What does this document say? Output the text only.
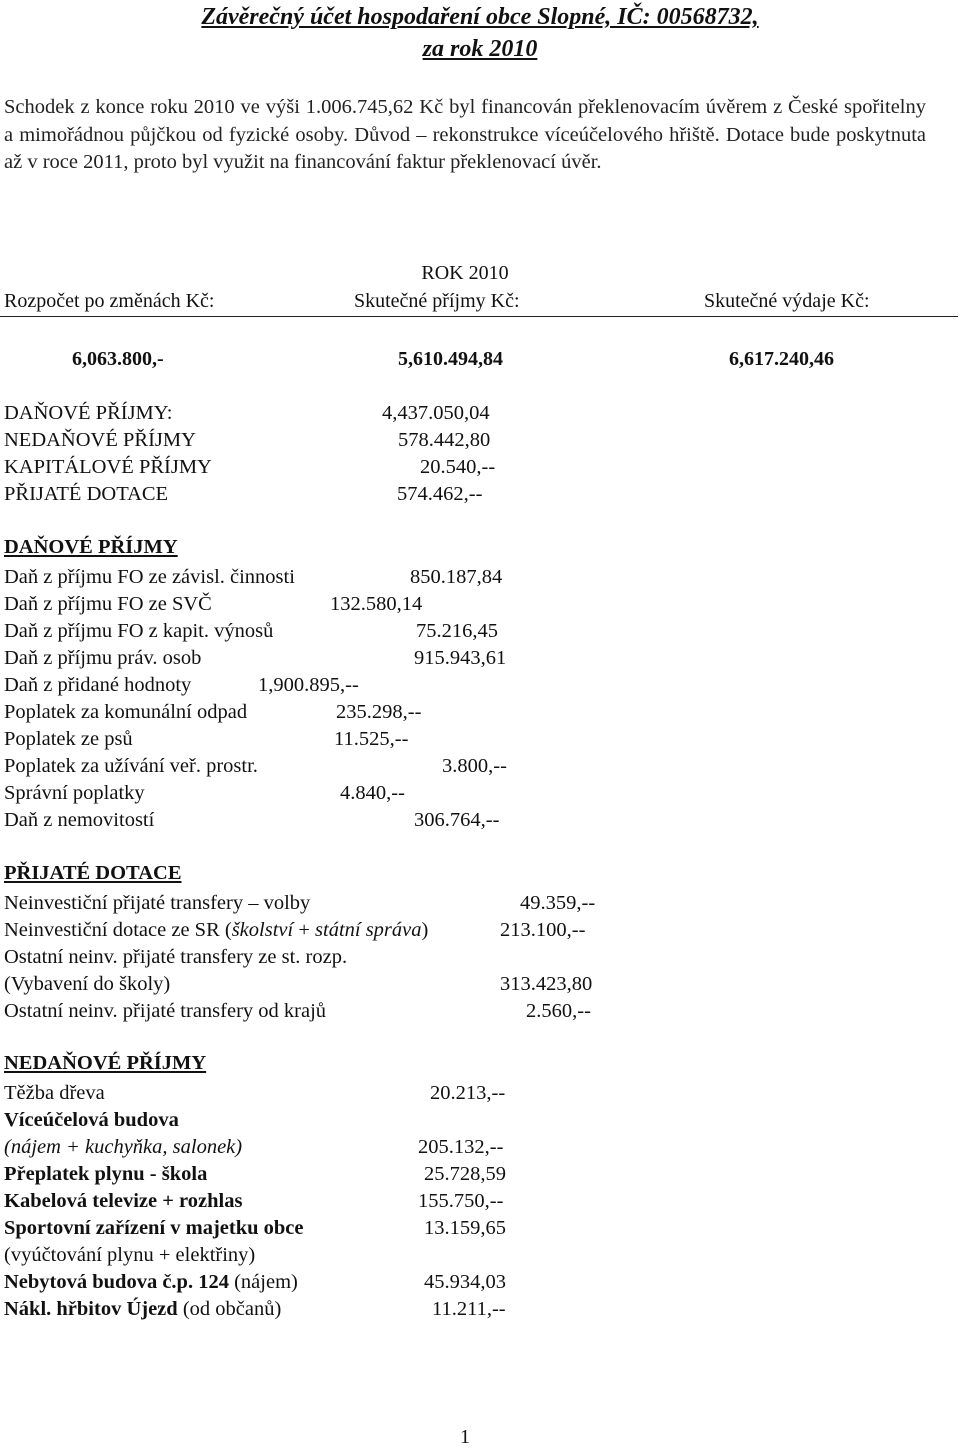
Závěrečný účet hospodaření obce Slopné, IČ: 00568732,
za rok 2010
Schodek z konce roku 2010 ve výši 1.006.745,62 Kč byl financován překlenovacím úvěrem z České spořitelny a mimořádnou půjčkou od fyzické osoby. Důvod – rekonstrukce víceúčelového hřiště. Dotace bude poskytnuta až v roce 2011, proto byl využit na financování faktur překlenovací úvěr.
ROK 2010
Rozpočet po změnách Kč:	Skutečné příjmy Kč:	Skutečné výdaje Kč:
6,063.800,-	5,610.494,84	6,617.240,46
DAŇOVÉ PŘÍJMY:	4,437.050,04
NEDAŇOVÉ PŘÍJMY	578.442,80
KAPITÁLOVÉ PŘÍJMY	20.540,--
PŘIJATÉ DOTACE	574.462,--
DAŇOVÉ PŘÍJMY
Daň z příjmu FO ze závisl. činnosti	850.187,84
Daň z příjmu FO ze SVČ	132.580,14
Daň z příjmu FO z kapit. výnosů	75.216,45
Daň z příjmu práv. osob	915.943,61
Daň z přidané hodnoty	1,900.895,--
Poplatek za komunální odpad	235.298,--
Poplatek ze psů	11.525,--
Poplatek za užívání veř. prostr.	3.800,--
Správní poplatky	4.840,--
Daň z nemovitostí	306.764,--
PŘIJATÉ DOTACE
Neinvestiční přijaté transfery – volby	49.359,--
Neinvestiční dotace ze SR (školství + státní správa)	213.100,--
Ostatní neinv. přijaté transfery ze st. rozp.
(Vybavení do školy)	313.423,80
Ostatní neinv. přijaté transfery od krajů	2.560,--
NEDAŇOVÉ PŘÍJMY
Těžba dřeva	20.213,--
Víceúčelová budova
(nájem + kuchyňka, salonek)	205.132,--
Přeplatek plynu - škola	25.728,59
Kabelová televize + rozhlas	155.750,--
Sportovní zařízení v majetku obce	13.159,65
(vyúčtování plynu + elektřiny)
Nebytová budova č.p. 124 (nájem)	45.934,03
Nákl. hřbitov Újezd (od občanů)	11.211,--
1
